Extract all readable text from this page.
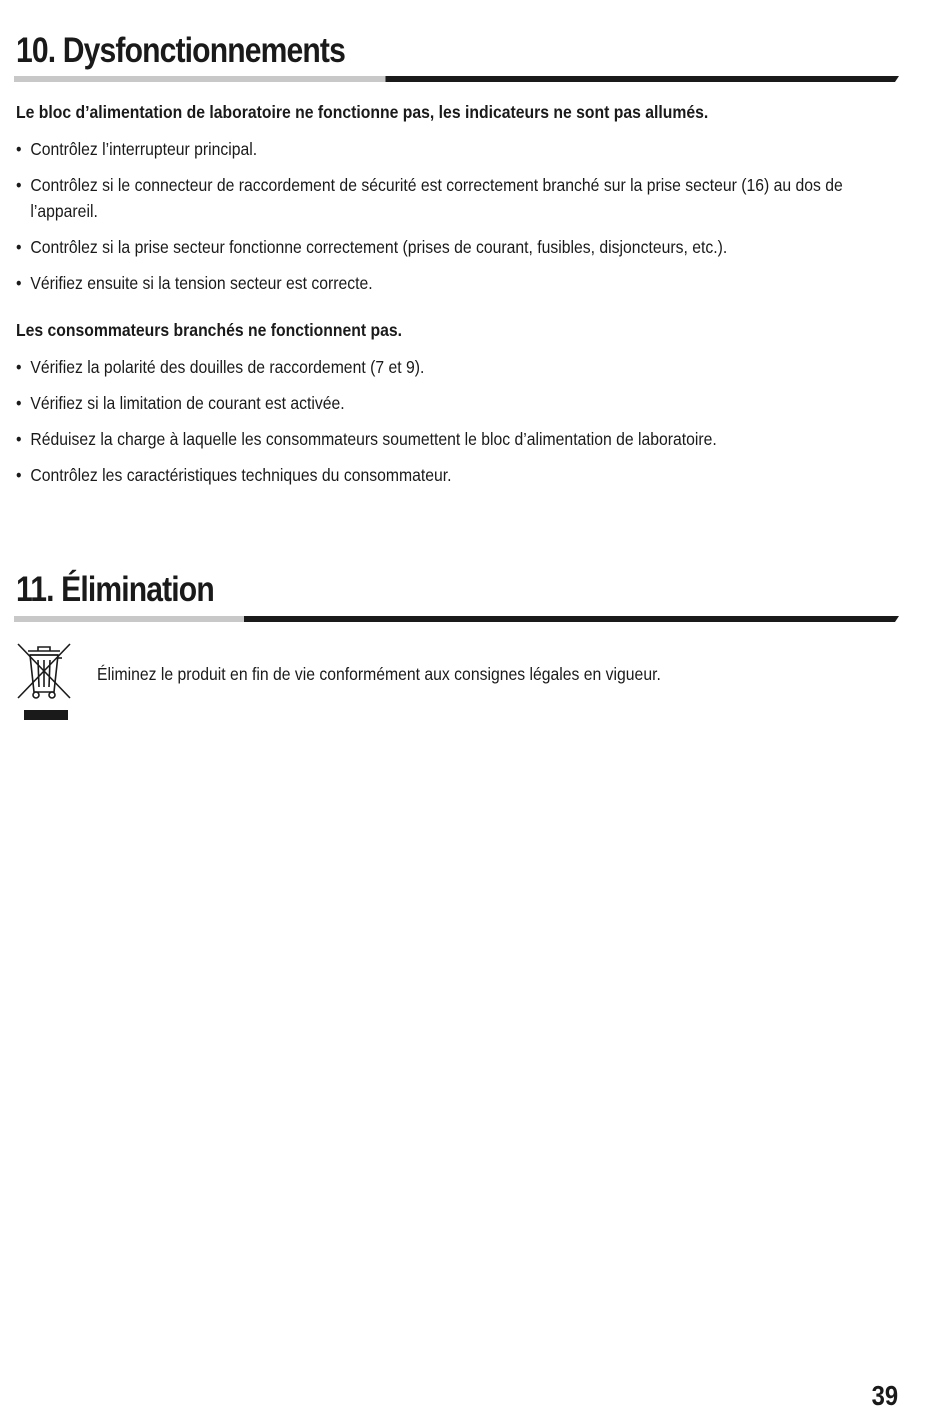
10. Dysfonctionnements

Le bloc d’alimentation de laboratoire ne fonctionne pas, les indicateurs ne sont pas allumés.

• Contrôlez l’interrupteur principal.
• Contrôlez si le connecteur de raccordement de sécurité est correctement branché sur la prise secteur (16) au dos de l’appareil.
• Contrôlez si la prise secteur fonctionne correctement (prises de courant, fusibles, disjoncteurs, etc.).
• Vérifiez ensuite si la tension secteur est correcte.

Les consommateurs branchés ne fonctionnent pas.

• Vérifiez la polarité des douilles de raccordement (7 et 9).
• Vérifiez si la limitation de courant est activée.
• Réduisez la charge à laquelle les consommateurs soumettent le bloc d’alimentation de laboratoire.
• Contrôlez les caractéristiques techniques du consommateur.
11. Élimination

Éliminez le produit en fin de vie conformément aux consignes légales en vigueur.

39
